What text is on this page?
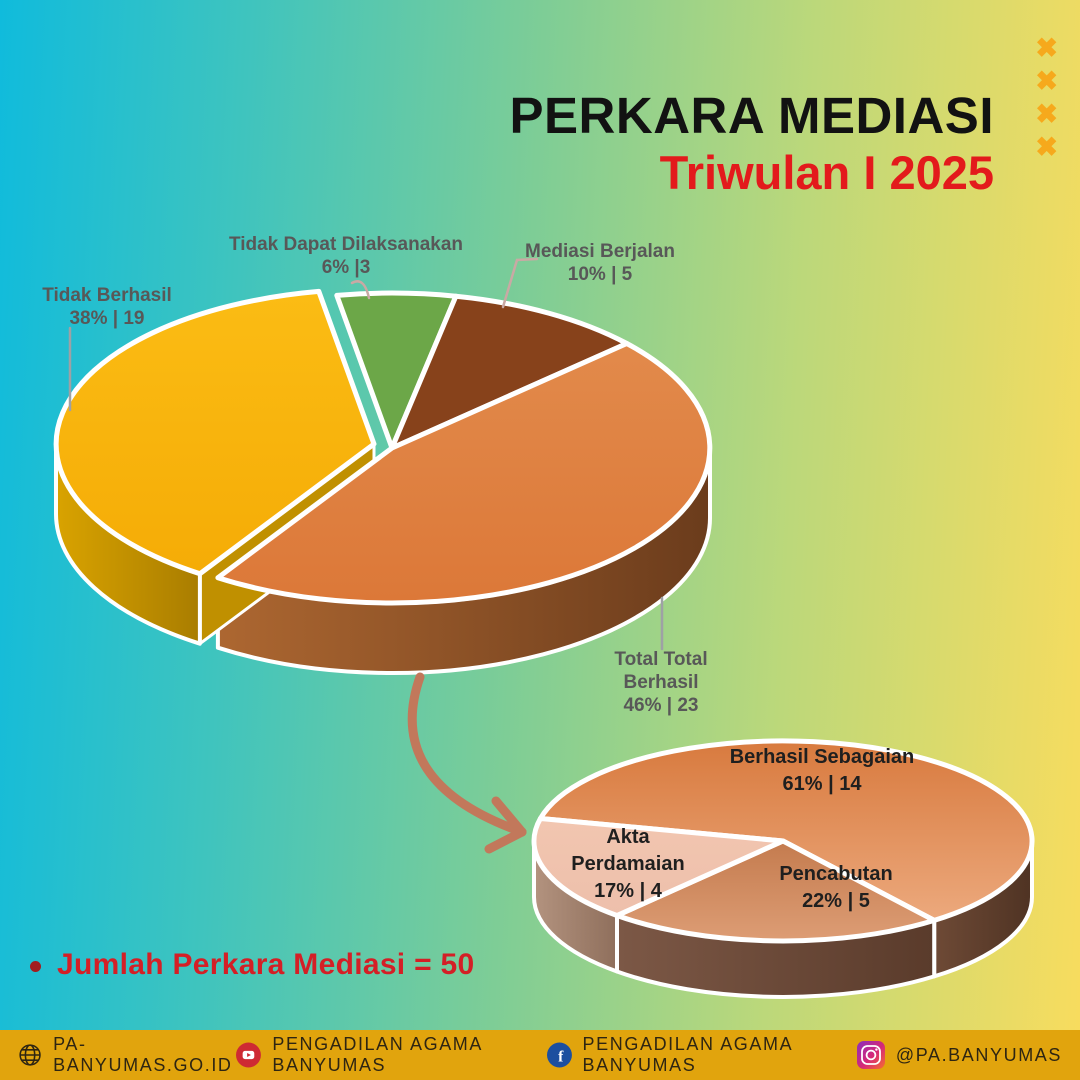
✖
✖
✖
✖
PERKARA MEDIASI
Triwulan I 2025
Tidak Dapat Dilaksanakan
6% |3
Mediasi Berjalan
10% | 5
Tidak Berhasil
38% | 19
Total Total Berhasil
46% | 23
Berhasil Sebagaian
61% | 14
Akta Perdamaian
17% | 4
Pencabutan
22% | 5
Jumlah Perkara Mediasi = 50
PA-BANYUMAS.GO.ID
PENGADILAN AGAMA BANYUMAS	f
PENGADILAN AGAMA BANYUMAS
@PA.BANYUMAS
